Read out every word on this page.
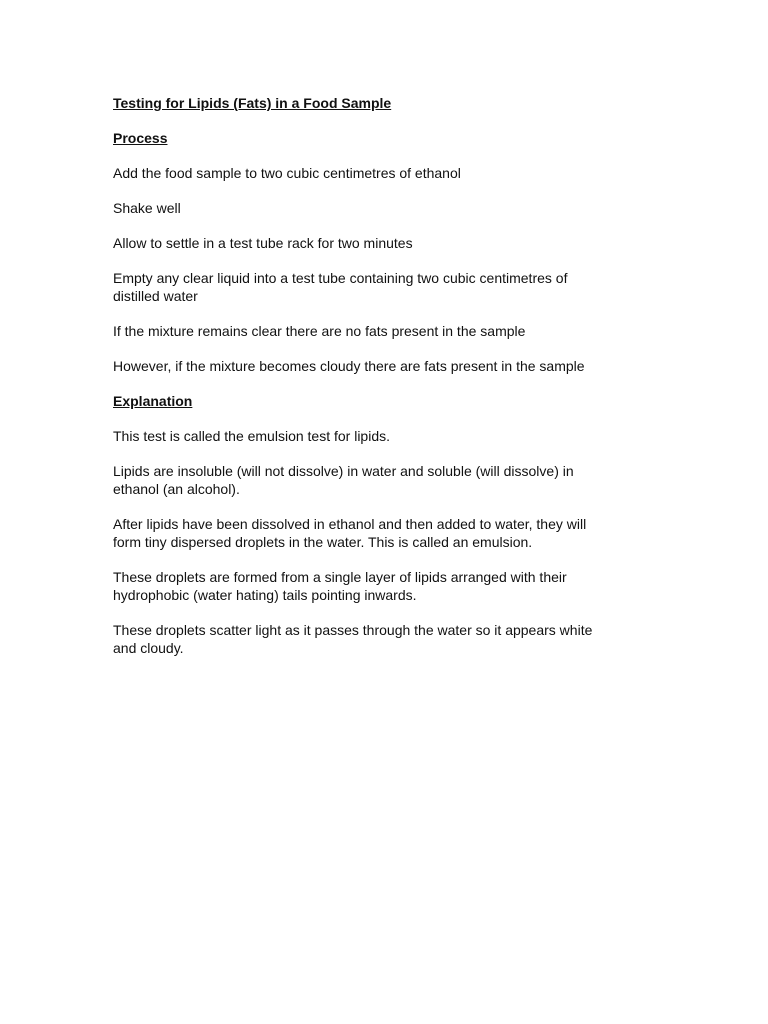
Testing for Lipids (Fats) in a Food Sample
Process
Add the food sample to two cubic centimetres of ethanol
Shake well
Allow to settle in a test tube rack for two minutes
Empty any clear liquid into a test tube containing two cubic centimetres of
distilled water
If the mixture remains clear there are no fats present in the sample
However, if the mixture becomes cloudy there are fats present in the sample
Explanation
This test is called the emulsion test for lipids.
Lipids are insoluble (will not dissolve) in water and soluble (will dissolve) in
ethanol (an alcohol).
After lipids have been dissolved in ethanol and then added to water, they will
form tiny dispersed droplets in the water. This is called an emulsion.
These droplets are formed from a single layer of lipids arranged with their
hydrophobic (water hating) tails pointing inwards.
These droplets scatter light as it passes through the water so it appears white
and cloudy.
